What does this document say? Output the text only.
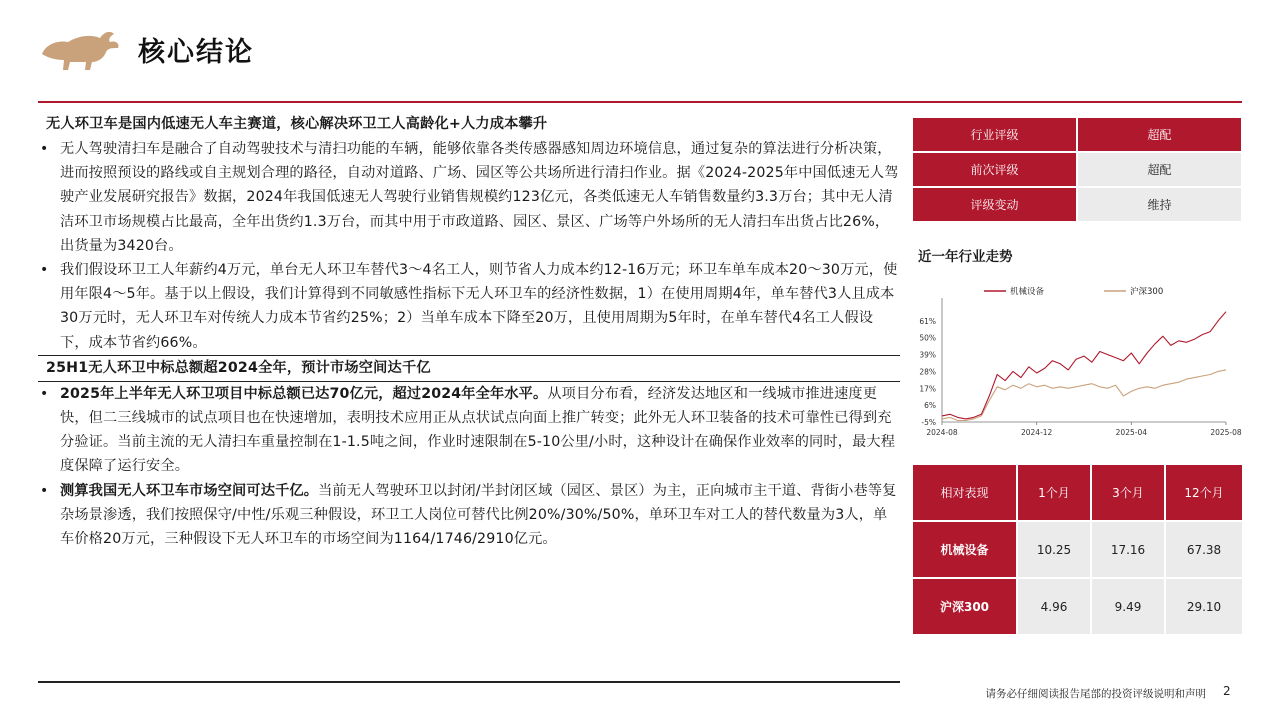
核心结论
无人环卫车是国内低速无人车主赛道，核心解决环卫工人高龄化+人力成本攀升
• 无人驾驶清扫车是融合了自动驾驶技术与清扫功能的车辆，能够依靠各类传感器感知周边环境信息，通过复杂的算法进行分析决策，进而按照预设的路线或自主规划合理的路径，自动对道路、广场、园区等公共场所进行清扫作业。据《2024-2025年中国低速无人驾驶产业发展研究报告》数据，2024年我国低速无人驾驶行业销售规模约123亿元，各类低速无人车销售数量约3.3万台；其中无人清洁环卫市场规模占比最高，全年出货约1.3万台，而其中用于市政道路、园区、景区、广场等户外场所的无人清扫车出货占比26%，出货量为3420台。
• 我们假设环卫工人年薪约4万元，单台无人环卫车替代3～4名工人，则节省人力成本约12-16万元；环卫车单车成本20～30万元，使用年限4～5年。基于以上假设，我们计算得到不同敏感性指标下无人环卫车的经济性数据，1）在使用周期4年，单车替代3人且成本30万元时，无人环卫车对传统人力成本节省约25%；2）当单车成本下降至20万，且使用周期为5年时，在单车替代4名工人假设下，成本节省约66%。
25H1无人环卫中标总额超2024全年，预计市场空间达千亿
• 2025年上半年无人环卫项目中标总额已达70亿元，超过2024年全年水平。从项目分布看，经济发达地区和一线城市推进速度更快，但二三线城市的试点项目也在快速增加，表明技术应用正从点状试点向面上推广转变；此外无人环卫装备的技术可靠性已得到充分验证。当前主流的无人清扫车重量控制在1-1.5吨之间，作业时速限制在5-10公里/小时，这种设计在确保作业效率的同时，最大程度保障了运行安全。
• 测算我国无人环卫车市场空间可达千亿。当前无人驾驶环卫以封闭/半封闭区域（园区、景区）为主，正向城市主干道、背街小巷等复杂场景渗透，我们按照保守/中性/乐观三种假设，环卫工人岗位可替代比例20%/30%/50%，单环卫车对工人的替代数量为3人，单车价格20万元，三种假设下无人环卫车的市场空间为1164/1746/2910亿元。
行业评级	超配
前次评级	超配
评级变动	维持
近一年行业走势
-5%
6%
17%
28%
39%
50%
61%
2024-08	2024-12	2025-04	2025-08
机械设备	沪深300
相对表现	1个月	3个月	12个月
机械设备	10.25	17.16	67.38
沪深300	4.96	9.49	29.10
请务必仔细阅读报告尾部的投资评级说明和声明 2
